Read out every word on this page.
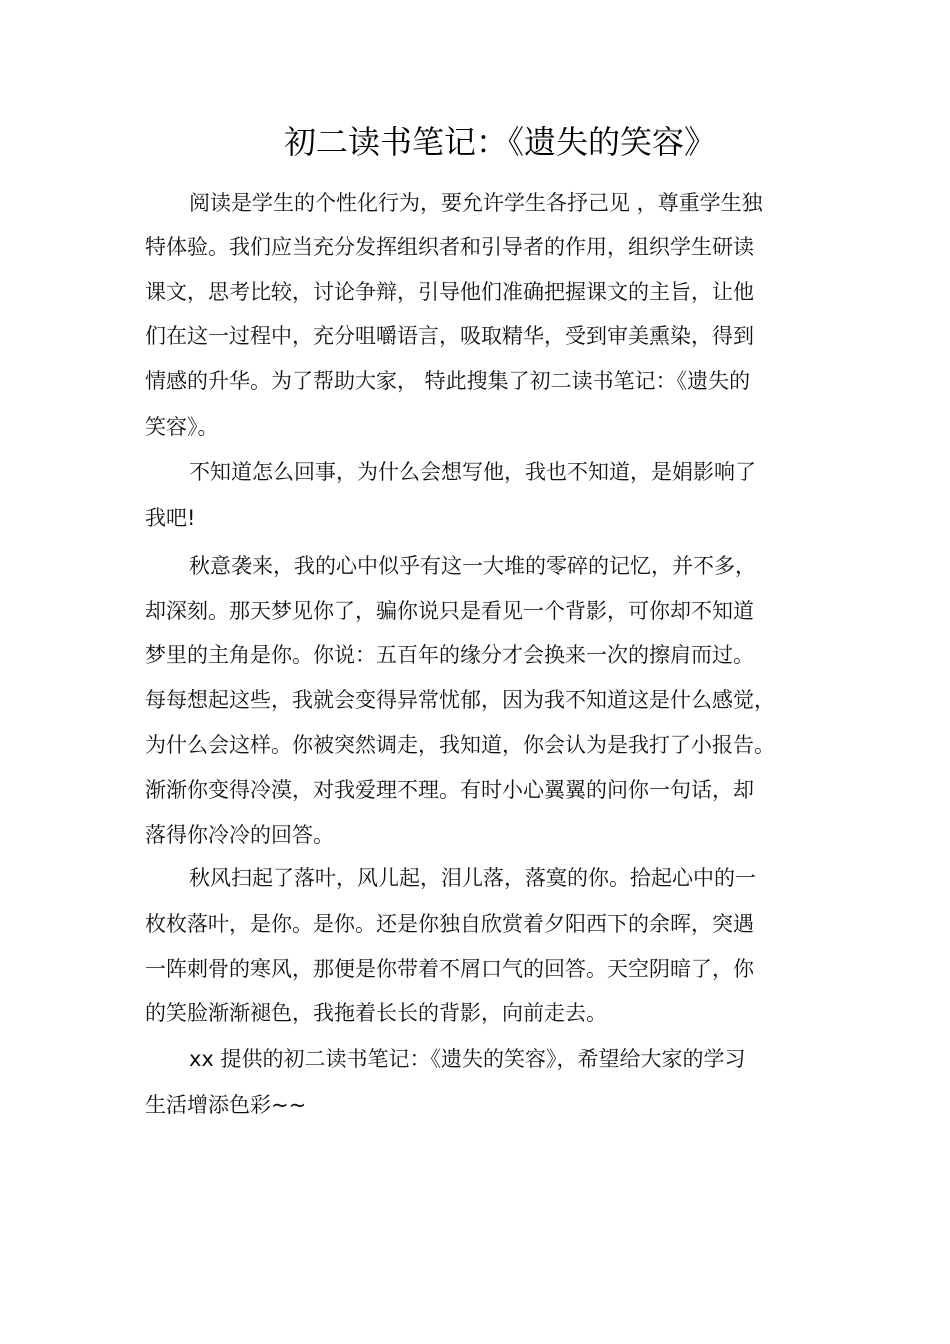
初二读书笔记：《遗失的笑容》
阅读是学生的个性化行为，要允许学生各抒己见 ，尊重学生独
特体验。我们应当充分发挥组织者和引导者的作用，组织学生研读
课文，思考比较，讨论争辩，引导他们准确把握课文的主旨，让他
们在这一过程中，充分咀嚼语言，吸取精华，受到审美熏染，得到
情感的升华。为了帮助大家， 特此搜集了初二读书笔记：《遗失的
笑容》。
不知道怎么回事，为什么会想写他，我也不知道，是娟影响了
我吧!
秋意袭来，我的心中似乎有这一大堆的零碎的记忆，并不多，
却深刻。那天梦见你了，骗你说只是看见一个背影，可你却不知道
梦里的主角是你。你说：五百年的缘分才会换来一次的擦肩而过。
每每想起这些，我就会变得异常忧郁，因为我不知道这是什么感觉，
为什么会这样。你被突然调走，我知道，你会认为是我打了小报告。
渐渐你变得冷漠，对我爱理不理。有时小心翼翼的问你一句话，却
落得你冷冷的回答。
秋风扫起了落叶，风儿起，泪儿落，落寞的你。拾起心中的一
枚枚落叶，是你。是你。还是你独自欣赏着夕阳西下的余晖，突遇
一阵刺骨的寒风，那便是你带着不屑口气的回答。天空阴暗了，你
的笑脸渐渐褪色，我拖着长长的背影，向前走去。
xx 提供的初二读书笔记：《遗失的笑容》，希望给大家的学习
生活增添色彩~~
